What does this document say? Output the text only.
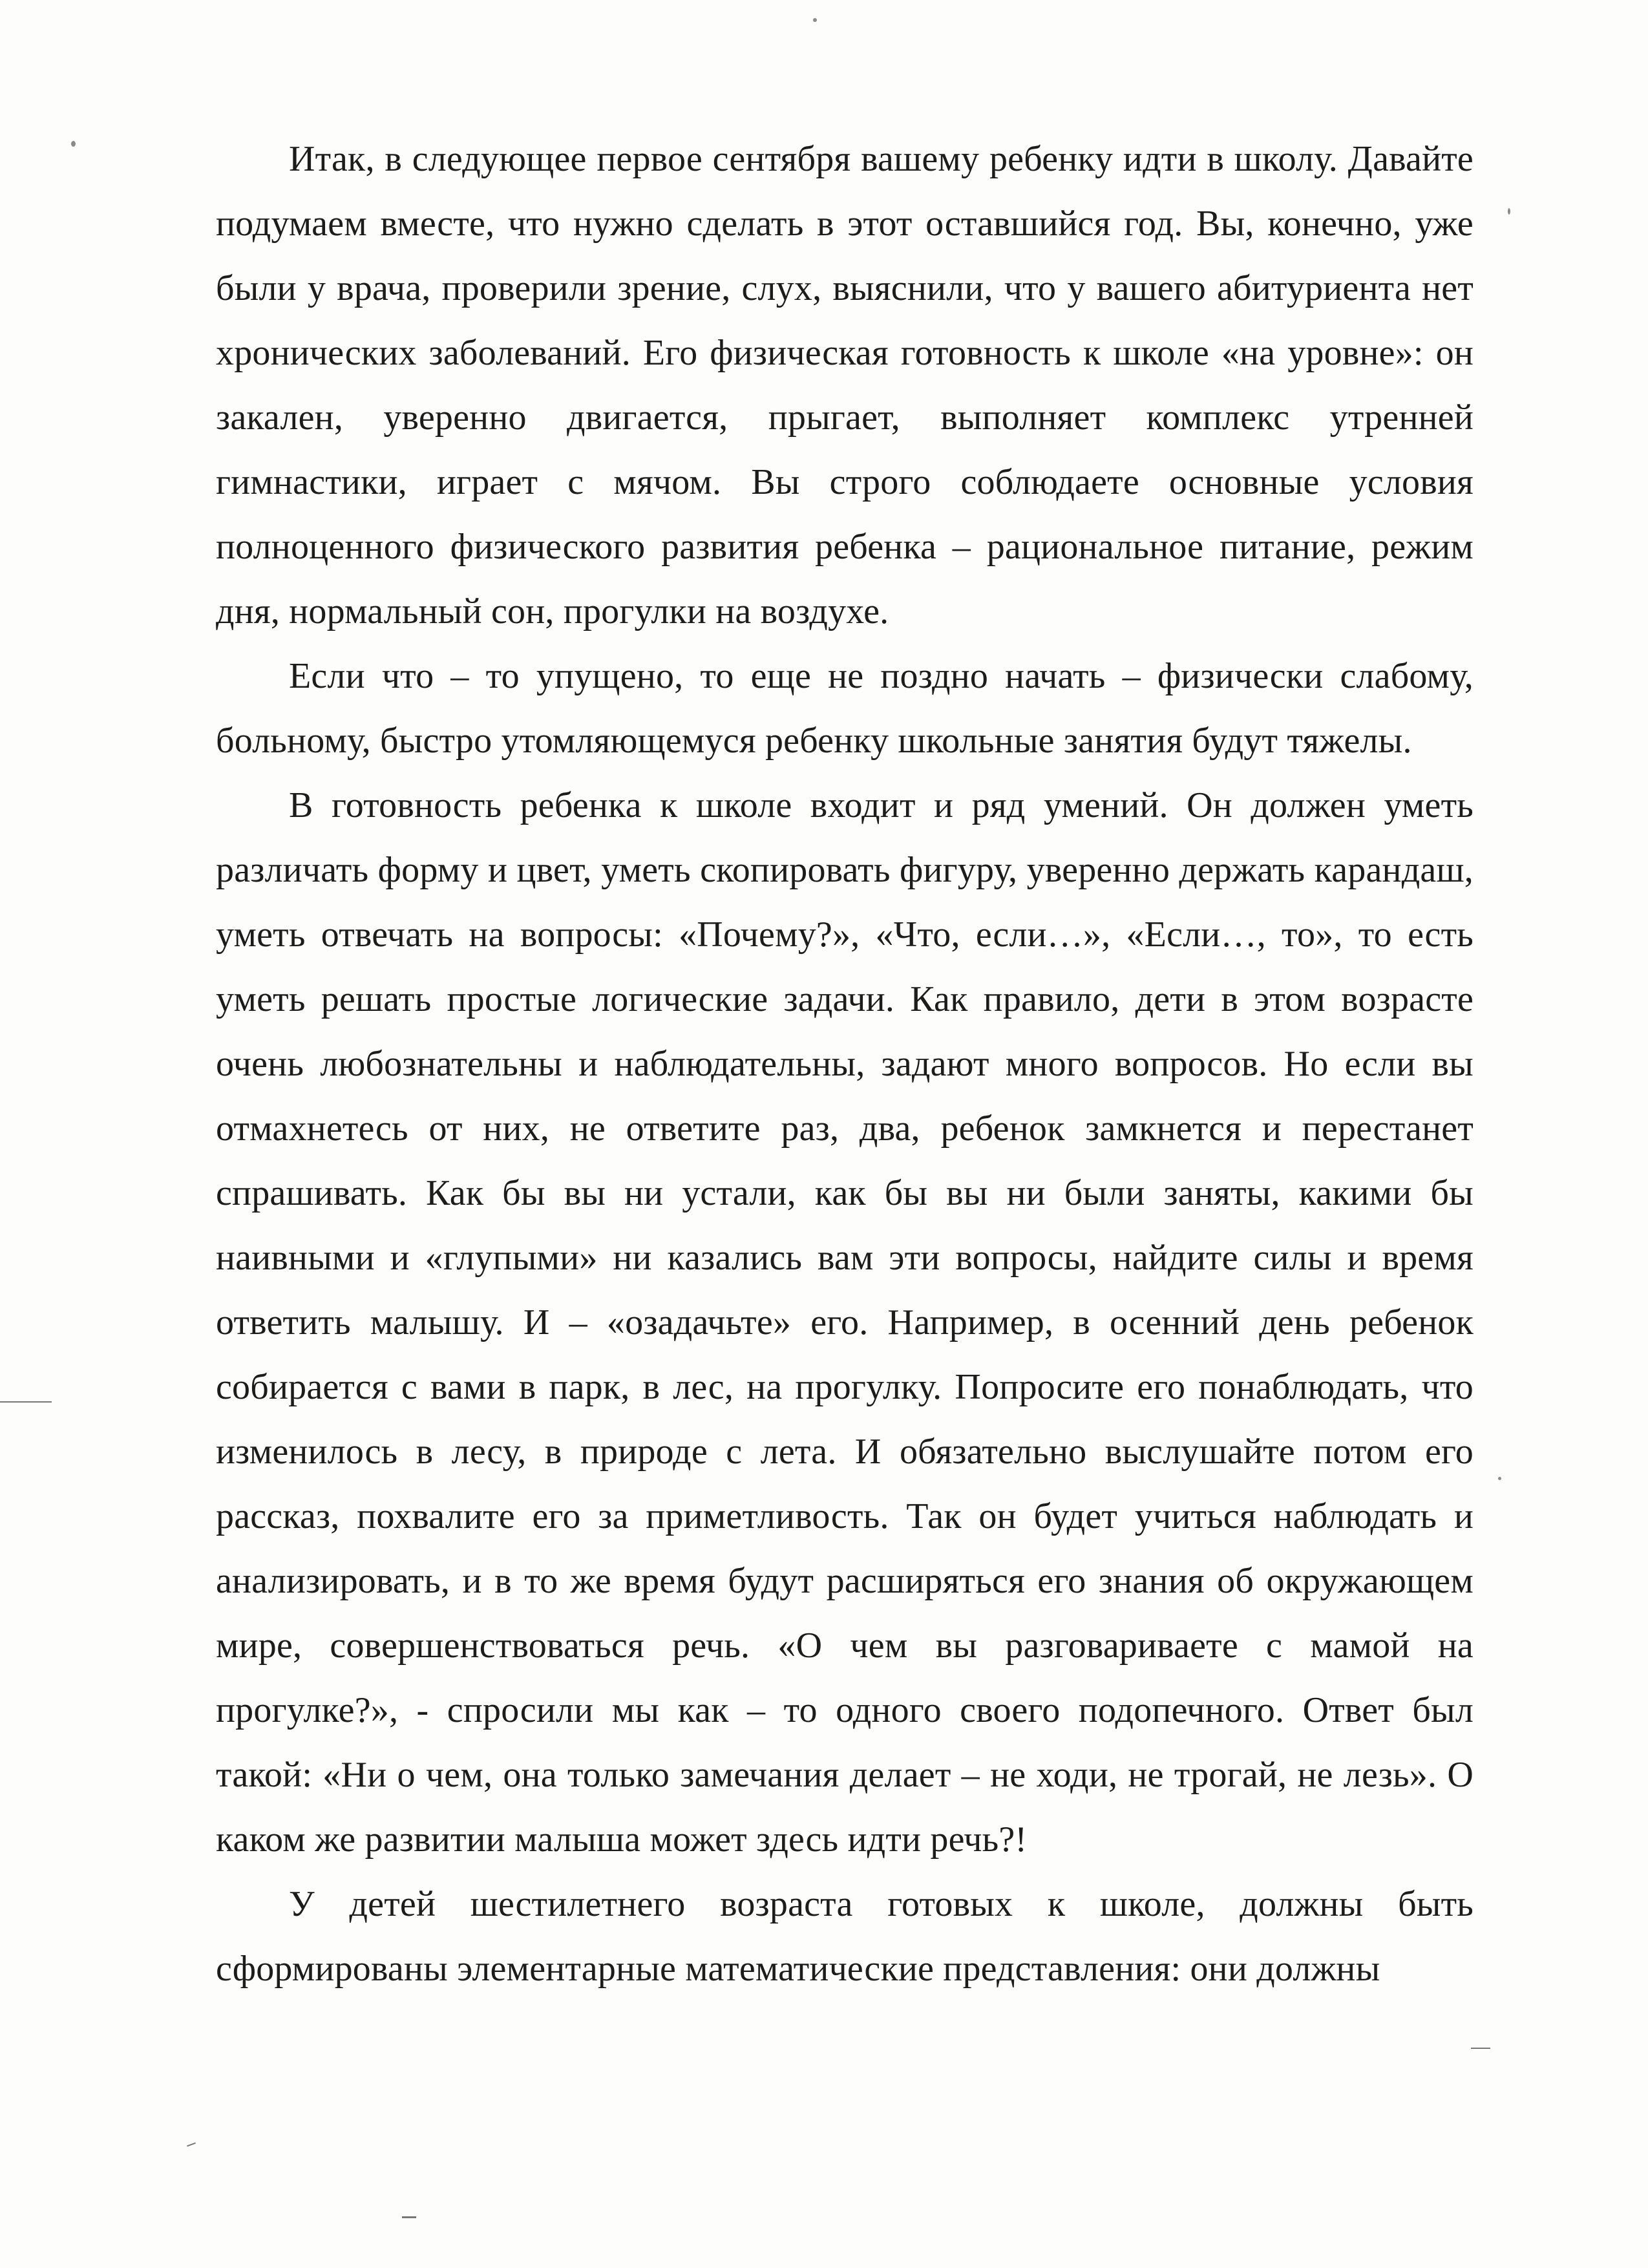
Итак, в следующее первое сентября вашему ребенку идти в школу. Давайте подумаем вместе, что нужно сделать в этот оставшийся год. Вы, конечно, уже были у врача, проверили зрение, слух, выяснили, что у вашего абитуриента нет хронических заболеваний. Его физическая готовность к школе «на уровне»: он закален, уверенно двигается, прыгает, выполняет комплекс утренней гимнастики, играет с мячом. Вы строго соблюдаете основные условия полноценного физического развития ребенка – рациональное питание, режим дня, нормальный сон, прогулки на воздухе.

Если что – то упущено, то еще не поздно начать – физически слабому, больному, быстро утомляющемуся ребенку школьные занятия будут тяжелы.

В готовность ребенка к школе входит и ряд умений. Он должен уметь различать форму и цвет, уметь скопировать фигуру, уверенно держать карандаш, уметь отвечать на вопросы: «Почему?», «Что, если…», «Если…, то», то есть уметь решать простые логические задачи. Как правило, дети в этом возрасте очень любознательны и наблюдательны, задают много вопросов. Но если вы отмахнетесь от них, не ответите раз, два, ребенок замкнется и перестанет спрашивать. Как бы вы ни устали, как бы вы ни были заняты, какими бы наивными и «глупыми» ни казались вам эти вопросы, найдите силы и время ответить малышу. И – «озадачьте» его. Например, в осенний день ребенок собирается с вами в парк, в лес, на прогулку. Попросите его понаблюдать, что изменилось в лесу, в природе с лета. И обязательно выслушайте потом его рассказ, похвалите его за приметливость. Так он будет учиться наблюдать и анализировать, и в то же время будут расширяться его знания об окружающем мире, совершенствоваться речь. «О чем вы разговариваете с мамой на прогулке?», - спросили мы как – то одного своего подопечного. Ответ был такой: «Ни о чем, она только замечания делает – не ходи, не трогай, не лезь». О каком же развитии малыша может здесь идти речь?!

У детей шестилетнего возраста готовых к школе, должны быть сформированы элементарные математические представления: они должны
